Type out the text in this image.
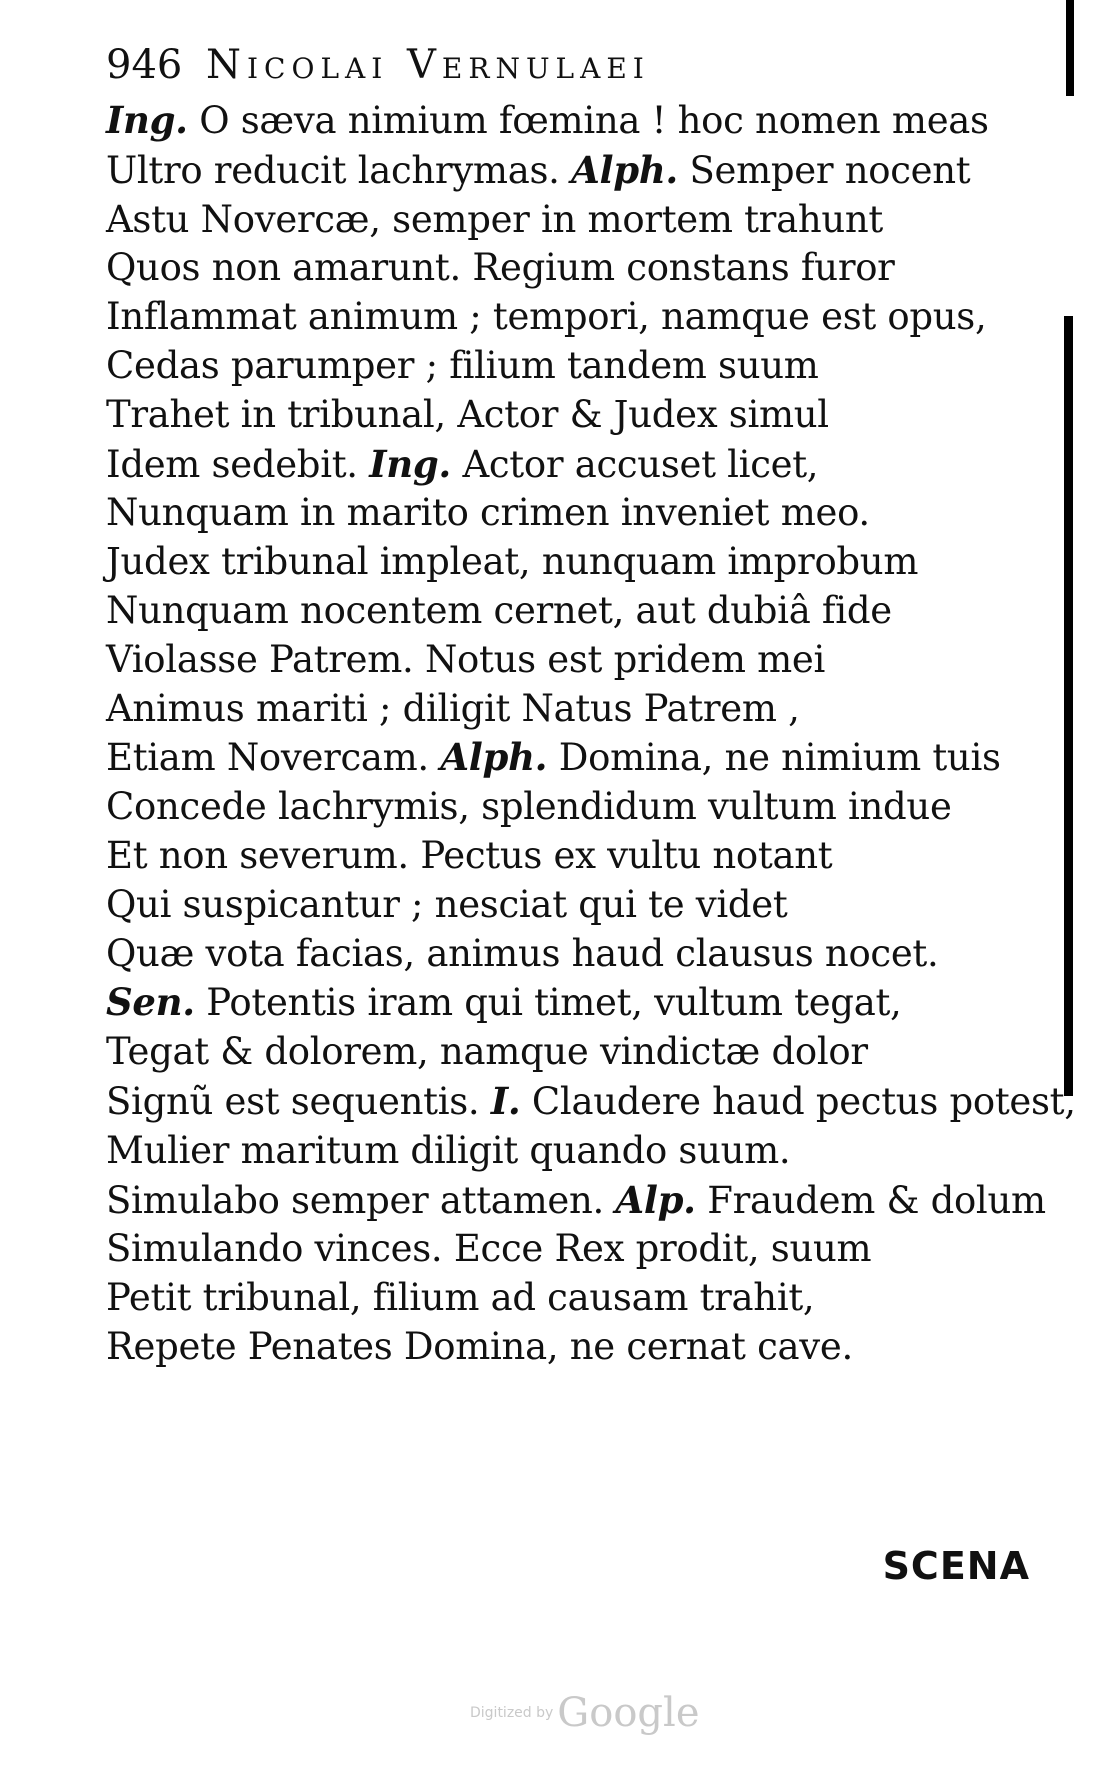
946 Nicolai Vernulaei
Ing. O sæva nimium fœmina ! hoc nomen meas
Ultro reducit lachrymas. Alph. Semper nocent
Astu Novercæ, semper in mortem trahunt
Quos non amarunt. Regium constans furor
Inflammat animum ; tempori, namque est opus,
Cedas parumper ; filium tandem suum
Trahet in tribunal, Actor & Judex simul
Idem sedebit. Ing. Actor accuset licet,
Nunquam in marito crimen inveniet meo.
Judex tribunal impleat, nunquam improbum
Nunquam nocentem cernet, aut dubiâ fide
Violasse Patrem. Notus est pridem mei
Animus mariti ; diligit Natus Patrem ,
Etiam Novercam. Alph. Domina, ne nimium tuis
Concede lachrymis, splendidum vultum indue
Et non severum. Pectus ex vultu notant
Qui suspicantur ; nesciat qui te videt
Quæ vota facias, animus haud clausus nocet.
Sen. Potentis iram qui timet, vultum tegat,
Tegat & dolorem, namque vindictæ dolor
Signũ est sequentis. I. Claudere haud pectus potest,
Mulier maritum diligit quando suum.
Simulabo semper attamen. Alp. Fraudem & dolum
Simulando vinces. Ecce Rex prodit, suum
Petit tribunal, filium ad causam trahit,
Repete Penates Domina, ne cernat cave.
SCENA
Digitized by Google
